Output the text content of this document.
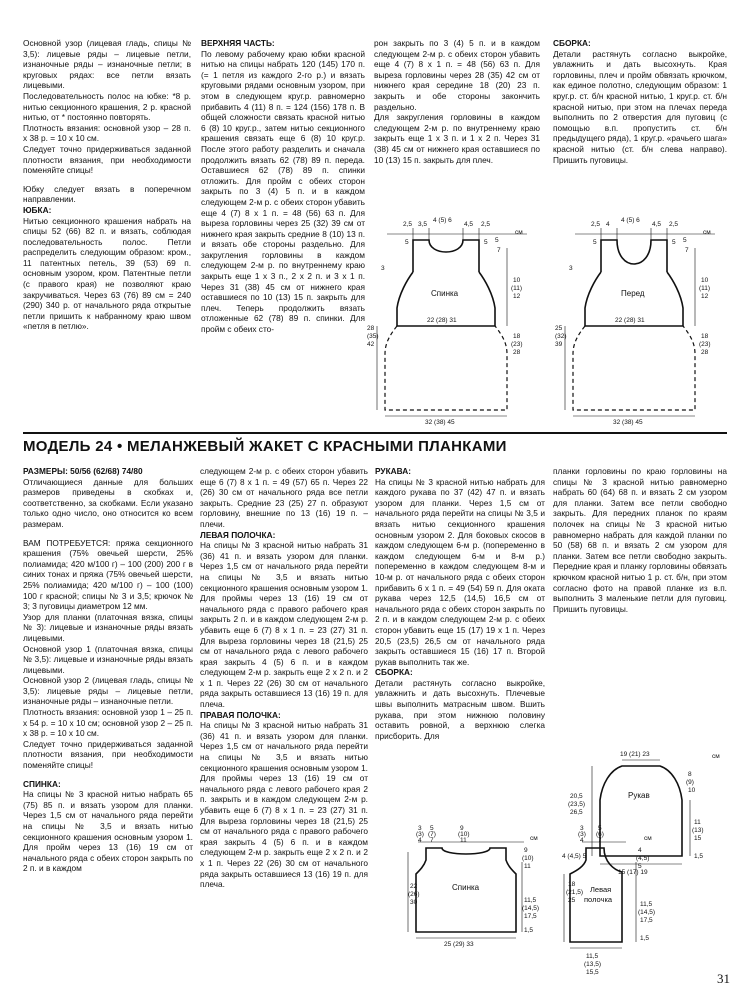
Основной узор (лицевая гладь, спицы № 3,5): лицевые ряды – лицевые петли, изнаночные ряды – изнаночные петли; в круговых рядах: все петли вязать лицевыми.

Последовательность полос на юбке: *8 р. нитью секционного крашения, 2 р. красной нитью, от * постоянно повторять.

Плотность вязания: основной узор – 28 п. х 38 р. = 10 х 10 см.

Следует точно придерживаться заданной плотности вязания, при необходимости поменяйте спицы!

Юбку следует вязать в поперечном направлении.

ЮБКА:

Нитью секционного крашения набрать на спицы 52 (66) 82 п. и вязать, соблюдая последовательность полос. Петли распределить следующим образом: кром., 11 патентных петель, 39 (53) 69 п. основным узором, кром. Патентные петли (с правого края) не позволяют краю закручиваться. Через 63 (76) 89 см = 240 (290) 340 р. от начального ряда открытые петли пришить к набранному краю швом «петля в петлю».

ВЕРХНЯЯ ЧАСТЬ:

По левому рабочему краю юбки красной нитью на спицы набрать 120 (145) 170 п. (= 1 петля из каждого 2-го р.) и вязать круговыми рядами основным узором, при этом в следующем круг.р. равномерно прибавить 4 (11) 8 п. = 124 (156) 178 п. В общей сложности связать красной нитью 6 (8) 10 круг.р., затем нитью секционного крашения связать еще 6 (8) 10 круг.р. После этого работу разделить и сначала продолжить вязать 62 (78) 89 п. переда. Оставшиеся 62 (78) 89 п. спинки отложить. Для пройм с обеих сторон закрыть по 3 (4) 5 п. и в каждом следующем 2-м р. с обеих сторон убавить еще 4 (7) 8 х 1 п. = 48 (56) 63 п. Для выреза горловины через 25 (32) 39 см от нижнего края закрыть средние 8 (10) 13 п. и вязать обе стороны раздельно. Для закругления горловины в каждом следующем 2-м р. по внутреннему краю закрыть еще 1 х 3 п., 2 х 2 п. и 3 х 1 п. Через 31 (38) 45 см от нижнего края оставшиеся по 10 (13) 15 п. закрыть для плеч. Теперь продолжить вязать отложенные 62 (78) 89 п. спинки. Для пройм с обеих сто-

рон закрыть по 3 (4) 5 п. и в каждом следующем 2-м р. с обеих сторон убавить еще 4 (7) 8 х 1 п. = 48 (56) 63 п. Для выреза горловины через 28 (35) 42 см от нижнего края середине 18 (20) 23 п. закрыть и обе стороны закончить раздельно.

Для закругления горловины в каждом следующем 2-м р. по внутреннему краю закрыть еще 1 х 3 п. и 1 х 2 п. Через 31 (38) 45 см от нижнего края оставшиеся по 10 (13) 15 п. закрыть для плеч.

СБОРКА:

Детали растянуть согласно выкройке, увлажнить и дать высохнуть. Края горловины, плеч и пройм обвязать крючком, как единое полотно, следующим образом: 1 круг.р. ст. б/н красной нитью, 1 круг.р. ст. б/н красной нитью, при этом на плечах переда выполнить по 2 отверстия для пуговиц (с помощью в.п. пропустить ст. б/н предыдущего ряда), 1 круг.р. «рачьего шага» красной нитью (ст. б/н слева направо). Пришить пуговицы.

2,5 3,5
4 (5) 6
4,5 2,5
5	5 5
см
7
3
10
(11)
12
Спинка
22 (28) 31
28
(35)
42
18
(23)
28
32 (38) 45
2,5 4
4 (5) 6
4,5 2,5
5	5 5
см
7
3
10
(11)
12
Перед
22 (28) 31
25
(32)
39
18
(23)
28
32 (38) 45
МОДЕЛЬ 24 • МЕЛАНЖЕВЫЙ ЖАКЕТ С КРАСНЫМИ ПЛАНКАМИ

РАЗМЕРЫ: 50/56 (62/68) 74/80

Отличающиеся данные для больших размеров приведены в скобках и, соответственно, за скобками. Если указано только одно число, оно относится ко всем размерам.

ВАМ ПОТРЕБУЕТСЯ: пряжа секционного крашения (75% овечьей шерсти, 25% полиамида; 420 м/100 г) – 100 (200) 200 г в синих тонах и пряжа (75% овечьей шерсти, 25% полиамида; 420 м/100 г) – 100 (100) 100 г красной; спицы № 3 и 3,5; крючок № 3; 3 пуговицы диаметром 12 мм.

Узор для планки (платочная вязка, спицы № 3): лицевые и изнаночные ряды вязать лицевыми.

Основной узор 1 (платочная вязка, спицы № 3,5): лицевые и изнаночные ряды вязать лицевыми.

Основной узор 2 (лицевая гладь, спицы № 3,5): лицевые ряды – лицевые петли, изнаночные ряды – изнаночные петли.

Плотность вязания: основной узор 1 – 25 п. х 54 р. = 10 х 10 см; основной узор 2 – 25 п. х 38 р. = 10 х 10 см.

Следует точно придерживаться заданной плотности вязания, при необходимости поменяйте спицы!

СПИНКА:

На спицы № 3 красной нитью набрать 65 (75) 85 п. и вязать узором для планки. Через 1,5 см от начального ряда перейти на спицы № 3,5 и вязать нитью секционного крашения основным узором 1. Для пройм через 13 (16) 19 см от начального ряда с обеих сторон закрыть по 2 п. и в каждом

следующем 2-м р. с обеих сторон убавить еще 6 (7) 8 х 1 п. = 49 (57) 65 п. Через 22 (26) 30 см от начального ряда все петли закрыть. Средние 23 (25) 27 п. образуют горловину, внешние по 13 (16) 19 п. – плечи.

ЛЕВАЯ ПОЛОЧКА:

На спицы № 3 красной нитью набрать 31 (36) 41 п. и вязать узором для планки. Через 1,5 см от начального ряда перейти на спицы № 3,5 и вязать нитью секционного крашения основным узором 1. Для проймы через 13 (16) 19 см от начального ряда с правого рабочего края закрыть 2 п. и в каждом следующем 2-м р. убавить еще 6 (7) 8 х 1 п. = 23 (27) 31 п. Для выреза горловины через 18 (21,5) 25 см от начального ряда с левого рабочего края закрыть 4 (5) 6 п. и в каждом следующем 2-м р. закрыть еще 2 х 2 п. и 2 х 1 п. Через 22 (26) 30 см от начального ряда закрыть оставшиеся 13 (16) 19 п. для плеча.

ПРАВАЯ ПОЛОЧКА:

На спицы № 3 красной нитью набрать 31 (36) 41 п. и вязать узором для планки. Через 1,5 см от начального ряда перейти на спицы № 3,5 и вязать нитью секционного крашения основным узором 1. Для проймы через 13 (16) 19 см от начального ряда с левого рабочего края 2 п. закрыть и в каждом следующем 2-м р. убавить еще 6 (7) 8 х 1 п. = 23 (27) 31 п. Для выреза горловины через 18 (21,5) 25 см от начального ряда с правого рабочего края закрыть 4 (5) 6 п. и в каждом следующем 2-м р. закрыть еще 2 х 2 п. и 2 х 1 п. Через 22 (26) 30 см от начального ряда закрыть оставшиеся 13 (16) 19 п. для плеча.

РУКАВА:

На спицы № 3 красной нитью набрать для каждого рукава по 37 (42) 47 п. и вязать узором для планки. Через 1,5 см от начального ряда перейти на спицы № 3,5 и вязать нитью секционного крашения основным узором 2. Для боковых скосов в каждом следующем 6-м р. (попеременно в каждом следующем 6-м и 8-м р.) попеременно в каждом следующем 8-м и 10-м р. от начального ряда с обеих сторон прибавить 6 х 1 п. = 49 (54) 59 п. Для оката рукава через 12,5 (14,5) 16,5 см от начального ряда с обеих сторон закрыть по 2 п. и в каждом следующем 2-м р. с обеих сторон убавить еще 15 (17) 19 х 1 п. Через 20,5 (23,5) 26,5 см от начального ряда закрыть оставшиеся 15 (16) 17 п. Второй рукав выполнить так же.

СБОРКА:

Детали растянуть согласно выкройке, увлажнить и дать высохнуть. Плечевые швы выполнить матрасным швом. Вшить рукава, при этом нижнюю половину оставить ровной, а верхнюю слегка присборить. Для

планки горловины по краю горловины на спицы № 3 красной нитью равномерно набрать 60 (64) 68 п. и вязать 2 см узором для планки. Затем все петли свободно закрыть. Для передних планок по краям полочек на спицы № 3 красной нитью равномерно набрать для каждой планки по 50 (58) 68 п. и вязать 2 см узором для планки. Затем все петли свободно закрыть. Передние края и планку горловины обвязать крючком красной нитью 1 р. ст. б/н, при этом согласно фото на правой планке из в.п. выполнить 3 маленькие петли для пуговиц. Пришить пуговицы.

19 (21) 23	см
8
(9)
10
20,5
(23,5)
26,5
11
(13)
15
1,5
Рукав
15 (17) 19
3
(3)
4
5
(7)
7
9
(10)
11	см
9
(10)
11
22
(26)
30	11,5
(14,5)
17,5
1,5
Спинка
25 (29) 33
3
(3)
4
5
(6)
7	см
4 (4,5) 5
4
(4,5)
5
18
(21,5)
25
11,5
(14,5)
17,5
1,5
Левая
полочка
11,5
(13,5)
15,5	31
